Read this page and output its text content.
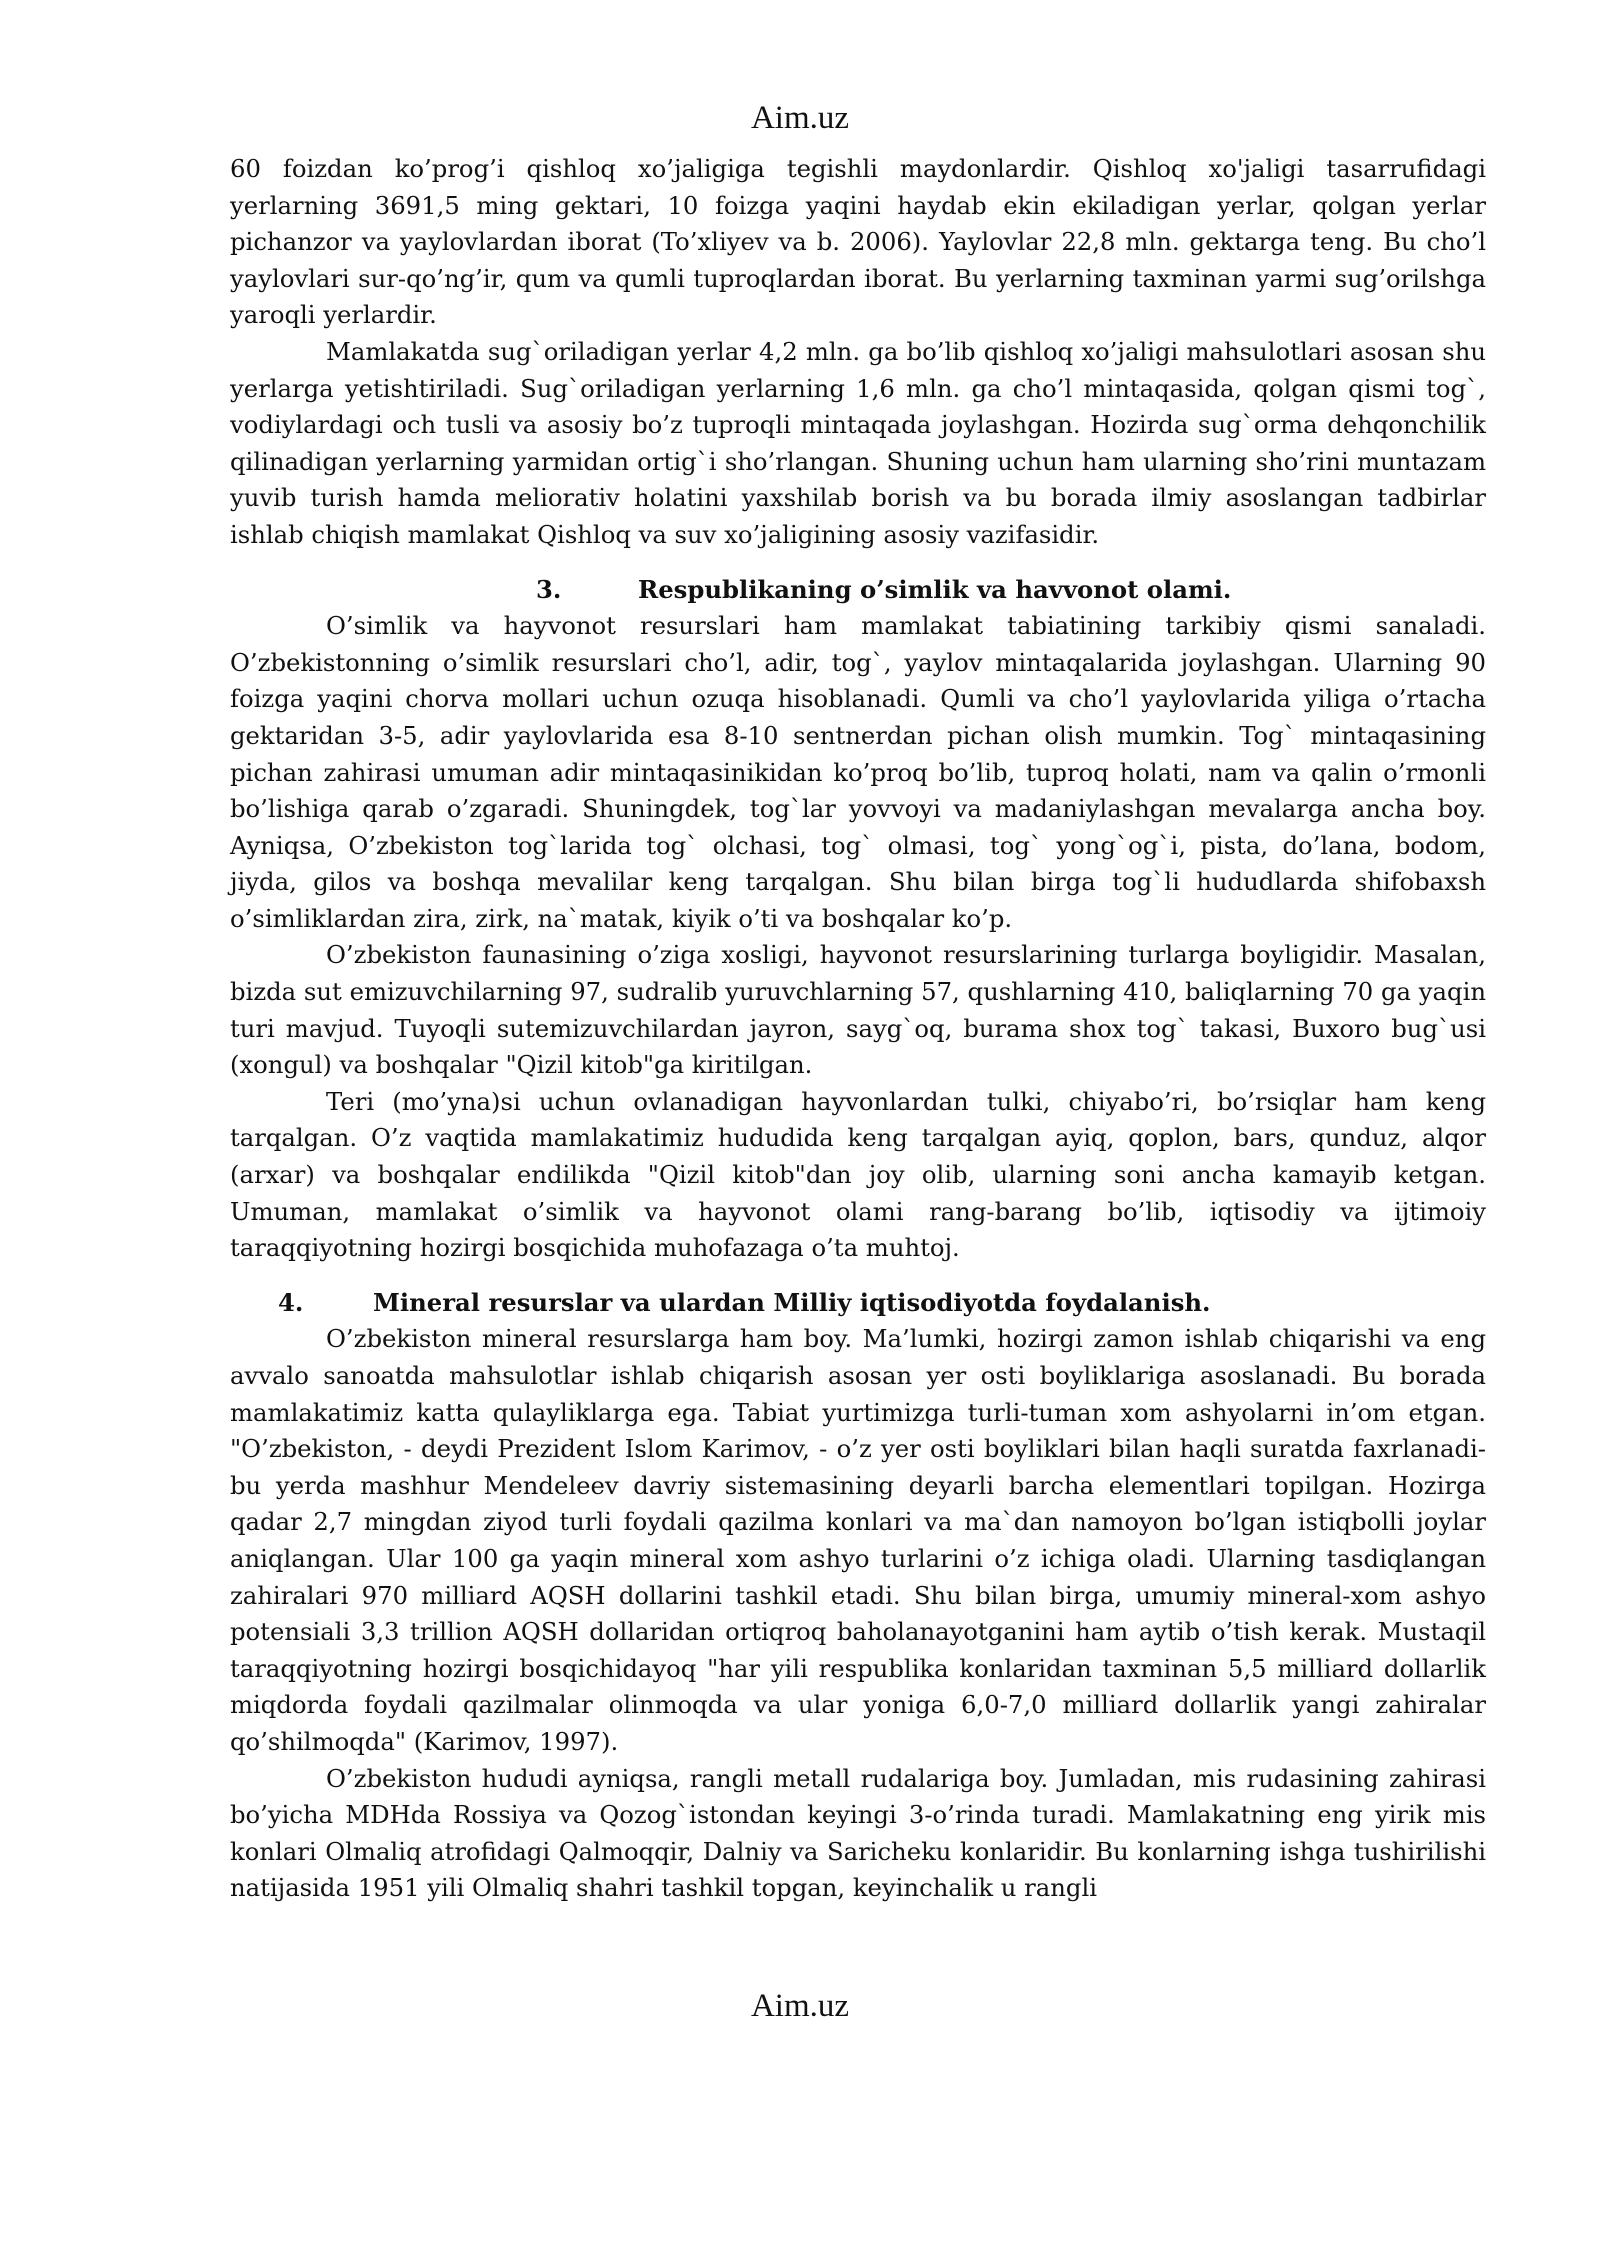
Aim.uz

60 foizdan ko’prog’i qishloq xo’jaligiga tegishli maydonlardir. Qishloq xo'jaligi tasarrufidagi yerlarning 3691,5 ming gektari, 10 foizga yaqini haydab ekin ekiladigan yerlar, qolgan yerlar pichanzor va yaylovlardan iborat (To’xliyev va b. 2006). Yaylovlar 22,8 mln. gektarga teng. Bu cho’l yaylovlari sur-qo’ng’ir, qum va qumli tuproqlardan iborat. Bu yerlarning taxminan yarmi sug’orilshga yaroqli yerlardir.

Mamlakatda sug`oriladigan yerlar 4,2 mln. ga bo’lib qishloq xo’jaligi mahsulotlari asosan shu yerlarga yetishtiriladi. Sug`oriladigan yerlarning 1,6 mln. ga cho’l mintaqasida, qolgan qismi tog`, vodiylardagi och tusli va asosiy bo’z tuproqli mintaqada joylashgan. Hozirda sug`orma dehqonchilik qilinadigan yerlarning yarmidan ortig`i sho’rlangan. Shuning uchun ham ularning sho’rini muntazam yuvib turish hamda meliorativ holatini yaxshilab borish va bu borada ilmiy asoslangan tadbirlar ishlab chiqish mamlakat Qishloq va suv xo’jaligining asosiy vazifasidir.

3.	Respublikaning o’simlik va havvonot olami.

O’simlik va hayvonot resurslari ham mamlakat tabiatining tarkibiy qismi sanaladi. O’zbekistonning o’simlik resurslari cho’l, adir, tog`, yaylov mintaqalarida joylashgan. Ularning 90 foizga yaqini chorva mollari uchun ozuqa hisoblanadi. Qumli va cho’l yaylovlarida yiliga o’rtacha gektaridan 3-5, adir yaylovlarida esa 8-10 sentnerdan pichan olish mumkin. Tog` mintaqasining pichan zahirasi umuman adir mintaqasinikidan ko’proq bo’lib, tuproq holati, nam va qalin o’rmonli bo’lishiga qarab o’zgaradi. Shuningdek, tog`lar yovvoyi va madaniylashgan mevalarga ancha boy. Ayniqsa, O’zbekiston tog`larida tog` olchasi, tog` olmasi, tog` yong`og`i, pista, do’lana, bodom, jiyda, gilos va boshqa mevalilar keng tarqalgan. Shu bilan birga tog`li hududlarda shifobaxsh o’simliklardan zira, zirk, na`matak, kiyik o’ti va boshqalar ko’p.

O’zbekiston faunasining o’ziga xosligi, hayvonot resurslarining turlarga boyligidir. Masalan, bizda sut emizuvchilarning 97, sudralib yuruvchlarning 57, qushlarning 410, baliqlarning 70 ga yaqin turi mavjud. Tuyoqli sutemizuvchilardan jayron, sayg`oq, burama shox tog` takasi, Buxoro bug`usi (xongul) va boshqalar "Qizil kitob"ga kiritilgan.

Teri (mo’yna)si uchun ovlanadigan hayvonlardan tulki, chiyabo’ri, bo’rsiqlar ham keng tarqalgan. O’z vaqtida mamlakatimiz hududida keng tarqalgan ayiq, qoplon, bars, qunduz, alqor (arxar) va boshqalar endilikda "Qizil kitob"dan joy olib, ularning soni ancha kamayib ketgan. Umuman, mamlakat o’simlik va hayvonot olami rang-barang bo’lib, iqtisodiy va ijtimoiy taraqqiyotning hozirgi bosqichida muhofazaga o’ta muhtoj.

4.	Mineral resurslar va ulardan Milliy iqtisodiyotda foydalanish.

O’zbekiston mineral resurslarga ham boy. Ma’lumki, hozirgi zamon ishlab chiqarishi va eng avvalo sanoatda mahsulotlar ishlab chiqarish asosan yer osti boyliklariga asoslanadi. Bu borada mamlakatimiz katta qulayliklarga ega. Tabiat yurtimizga turli-tuman xom ashyolarni in’om etgan. "O’zbekiston, - deydi Prezident Islom Karimov, - o’z yer osti boyliklari bilan haqli suratda faxrlanadi-bu yerda mashhur Mendeleev davriy sistemasining deyarli barcha elementlari topilgan. Hozirga qadar 2,7 mingdan ziyod turli foydali qazilma konlari va ma`dan namoyon bo’lgan istiqbolli joylar aniqlangan. Ular 100 ga yaqin mineral xom ashyo turlarini o’z ichiga oladi. Ularning tasdiqlangan zahiralari 970 milliard AQSH dollarini tashkil etadi. Shu bilan birga, umumiy mineral-xom ashyo potensiali 3,3 trillion AQSH dollaridan ortiqroq baholanayotganini ham aytib o’tish kerak. Mustaqil taraqqiyotning hozirgi bosqichidayoq "har yili respublika konlaridan taxminan 5,5 milliard dollarlik miqdorda foydali qazilmalar olinmoqda va ular yoniga 6,0-7,0 milliard dollarlik yangi zahiralar qo’shilmoqda" (Karimov, 1997).

O’zbekiston hududi ayniqsa, rangli metall rudalariga boy. Jumladan, mis rudasining zahirasi bo’yicha MDHda Rossiya va Qozog`istondan keyingi 3-o’rinda turadi. Mamlakatning eng yirik mis konlari Olmaliq atrofidagi Qalmoqqir, Dalniy va Saricheku konlaridir. Bu konlarning ishga tushirilishi natijasida 1951 yili Olmaliq shahri tashkil topgan, keyinchalik u rangli

Aim.uz
